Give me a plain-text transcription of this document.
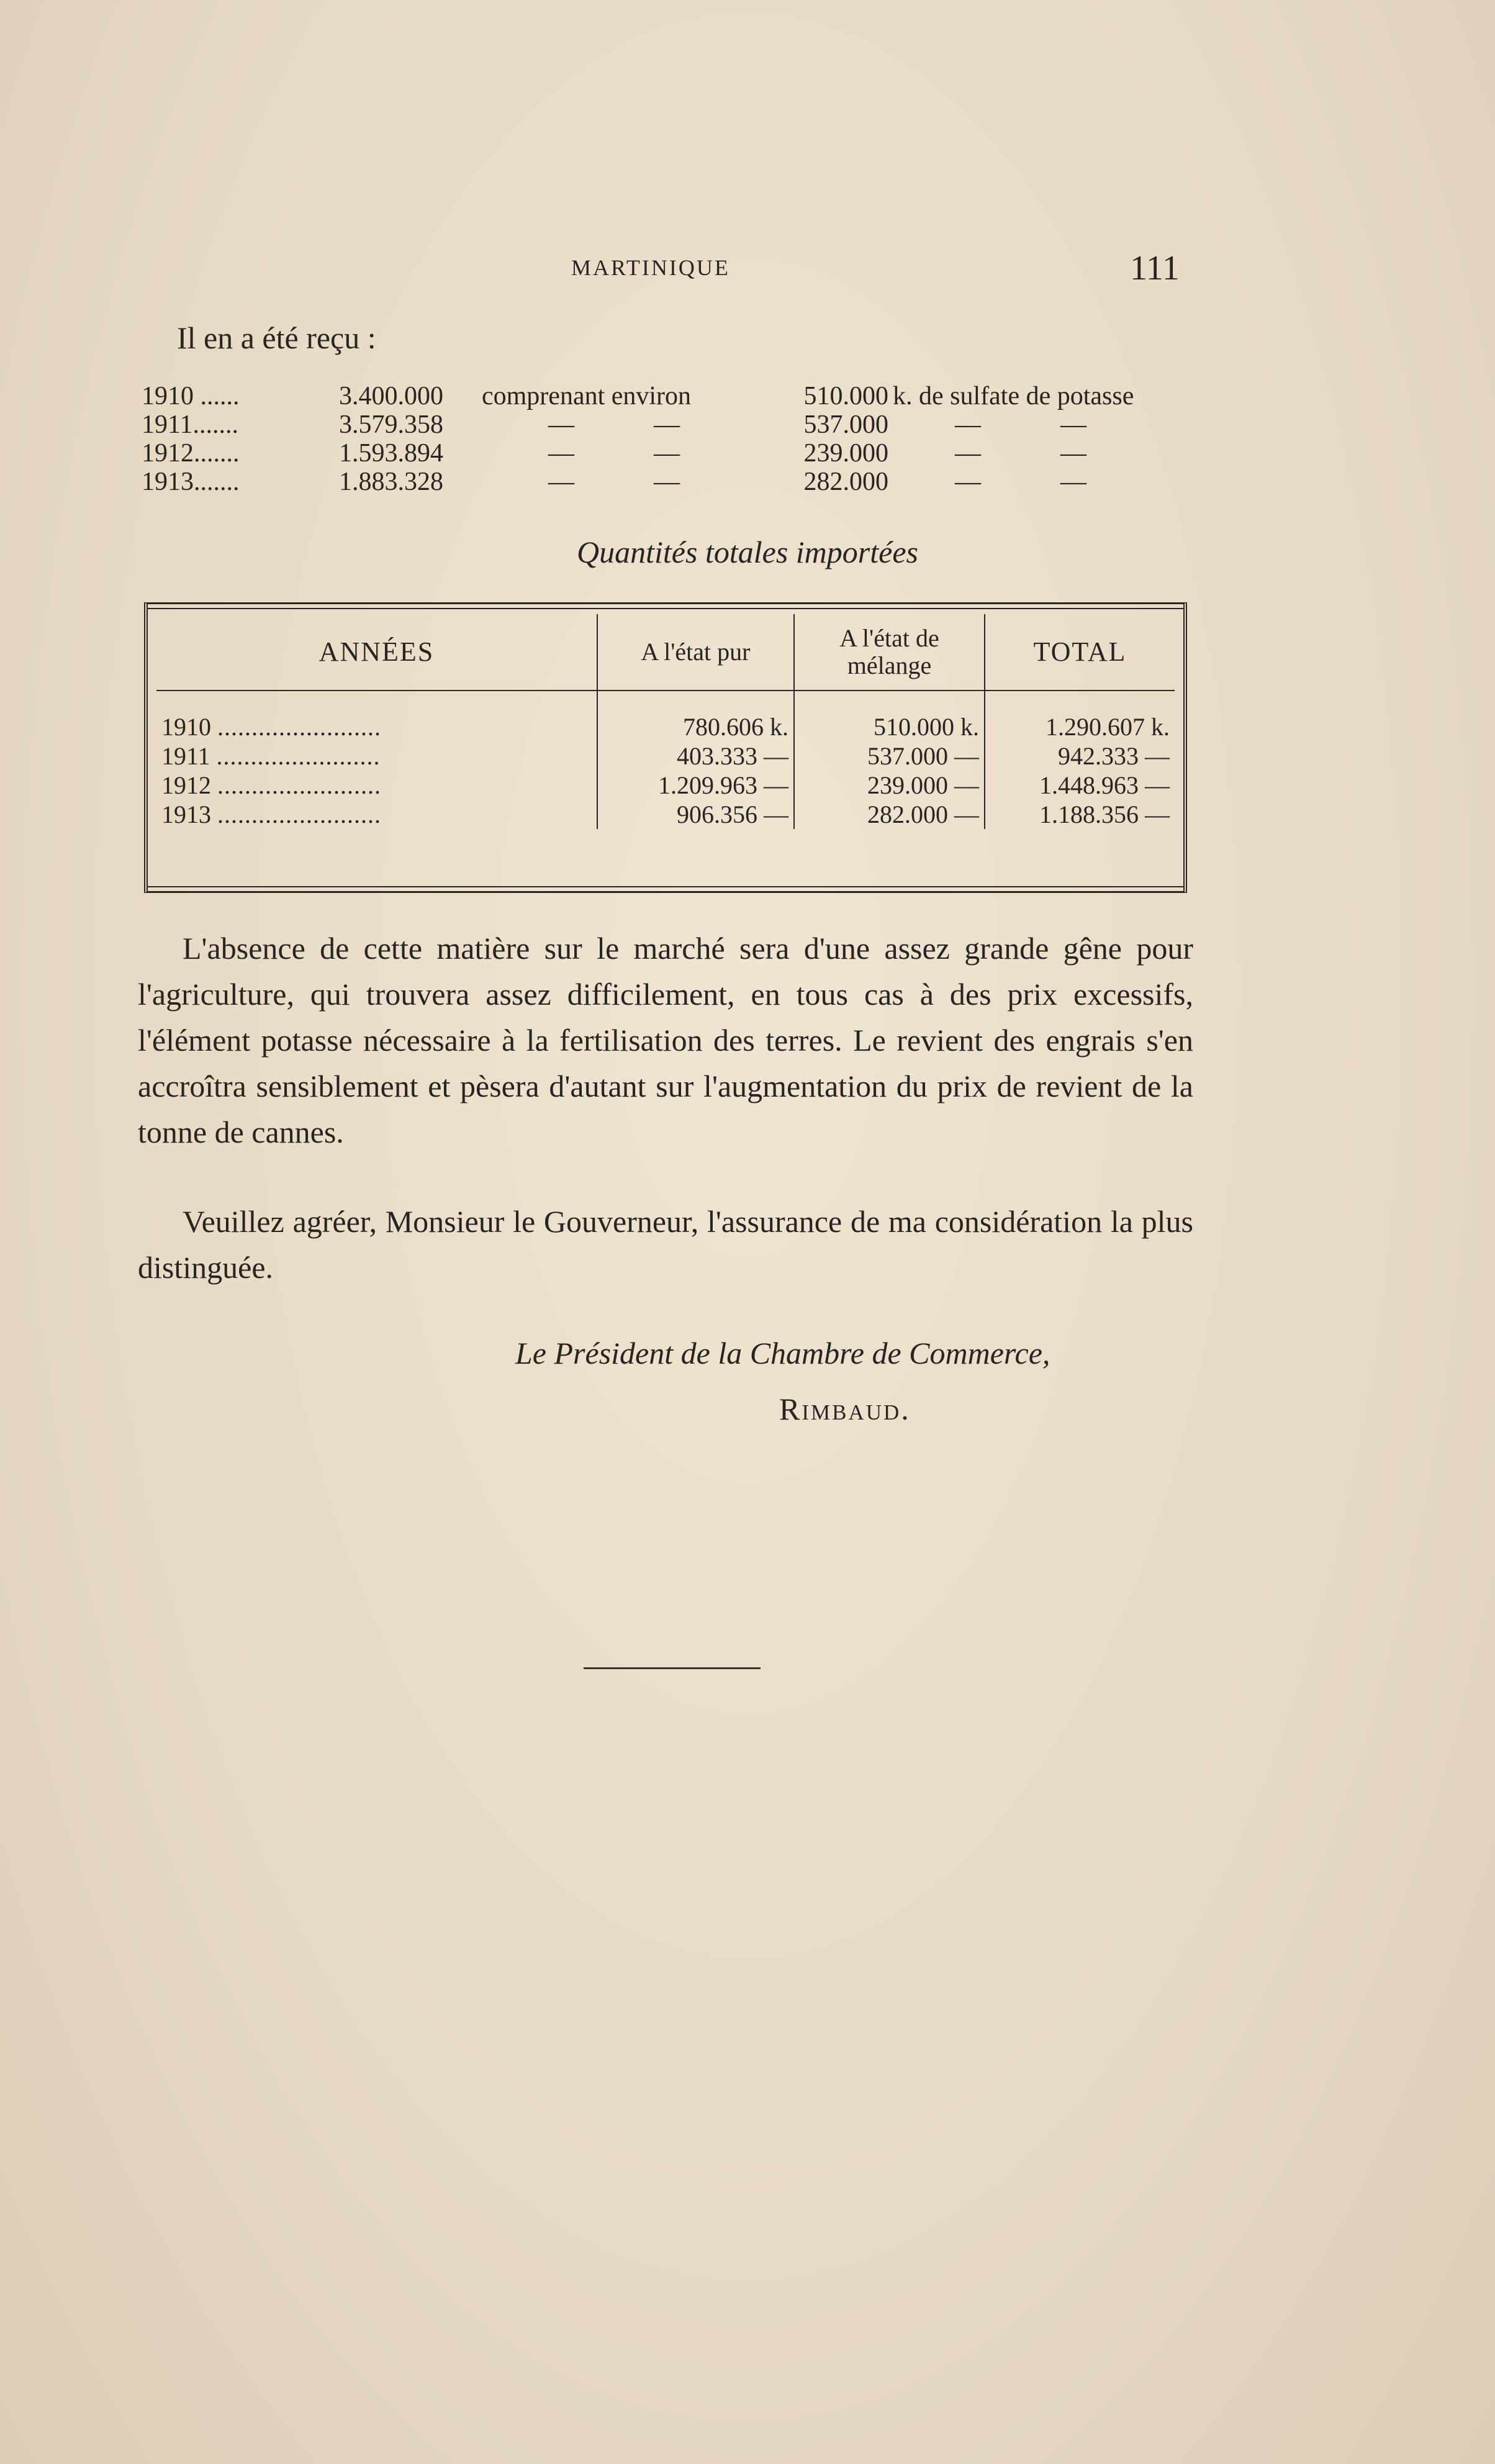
MARTINIQUE	111
Il en a été reçu :
1910 ......	3.400.000 comprenant environ	510.000 k. de sulfate de potasse
1911.......	3.579.358	—	—	537.000	—	—
1912.......	1.593.894	—	—	239.000	—	—
1913.......	1.883.328	—	—	282.000	—	—
Quantités totales importées
ANNÉES	A l'état pur	A l'état de mélange	TOTAL
1910 ........................	780.606 k.	510.000 k.	1.290.607 k.
1911 ........................	403.333 —	537.000 —	942.333 —
1912 ........................	1.209.963 —	239.000 —	1.448.963 —
1913 ........................	906.356 —	282.000 —	1.188.356 —
L'absence de cette matière sur le marché sera d'une assez grande gêne pour l'agriculture, qui trouvera assez difficilement, en tous cas à des prix excessifs, l'élément potasse nécessaire à la fertilisation des terres. Le revient des engrais s'en accroîtra sensiblement et pèsera d'autant sur l'augmentation du prix de revient de la tonne de cannes.
Veuillez agréer, Monsieur le Gouverneur, l'assurance de ma considération la plus distinguée.
Le Président de la Chambre de Commerce,
Rimbaud.
